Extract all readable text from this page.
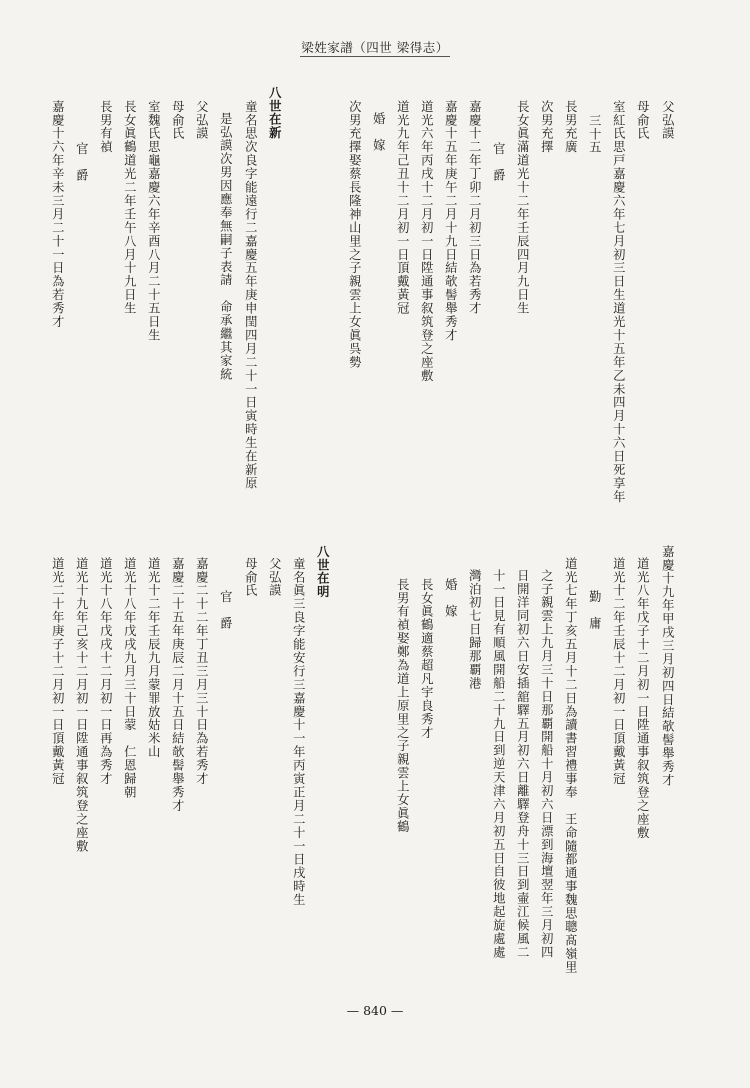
梁姓家譜（四世 梁得志）
父弘謨
母俞氏
室紅氏思戸嘉慶六年七月初三日生道光十五年乙未四月十六日死享年
三十五
長男充廣
次男充擇
長女眞滿道光十二年壬辰四月九日生
官　爵
嘉慶十二年丁卯二月初三日為若秀才
嘉慶十五年庚午二月十九日結欹髻舉秀才
道光六年丙戌十二月初一日陞通事叙筑登之座敷
道光九年己丑十二月初一日頂戴黃冠
婚　嫁
次男充擇娶蔡長隆神山里之子親雲上女眞呉勢
八世在新
童名思次良字能遠行二嘉慶五年庚申閏四月二十一日寅時生在新原
是弘謨次男因應奉無嗣子表請　命承繼其家統
父弘謨
母俞氏
室魏氏思龜嘉慶六年辛酉八月二十五日生
長女眞鶴道光二年壬午八月十九日生
長男有禎
官　爵
嘉慶十六年辛未三月二十一日為若秀才
嘉慶十九年甲戌三月初四日結欹髻舉秀才
道光八年戊子十二月初一日陞通事叙筑登之座敷
道光十二年壬辰十二月初一日頂戴黃冠
勤　庸
道光七年丁亥五月十二日為讀書習禮事奉　王命隨都通事魏思聰髙嶺里
之子親雲上九月三十日那覇開船十月初六日漂到海壇翌年三月初四
日開洋同初六日安插舘驛五月初六日離驛登舟十三日到壷江候風二
十一日見有順風開船二十九日到逆天津六月初五日自彼地起旋處處
灣泊初七日歸那覇港
婚　嫁
長女眞鶴適蔡超凡宇良秀才
長男有禎娶鄭為道上原里之子親雲上女眞鶴
八世在明
童名眞三良字能安行三嘉慶十一年丙寅正月二十一日戌時生
父弘謨
母俞氏
官　爵
嘉慶二十二年丁丑三月三十日為若秀才
嘉慶二十五年庚辰二月十五日結欹髻舉秀才
道光十二年壬辰九月蒙罪放姑米山
道光十八年戊戌九月三十日蒙　仁恩歸朝
道光十八年戊戌十二月初一日再為秀才
道光十九年己亥十二月初一日陞通事叙筑登之座敷
道光二十年庚子十二月初一日頂戴黃冠
— 840 —
